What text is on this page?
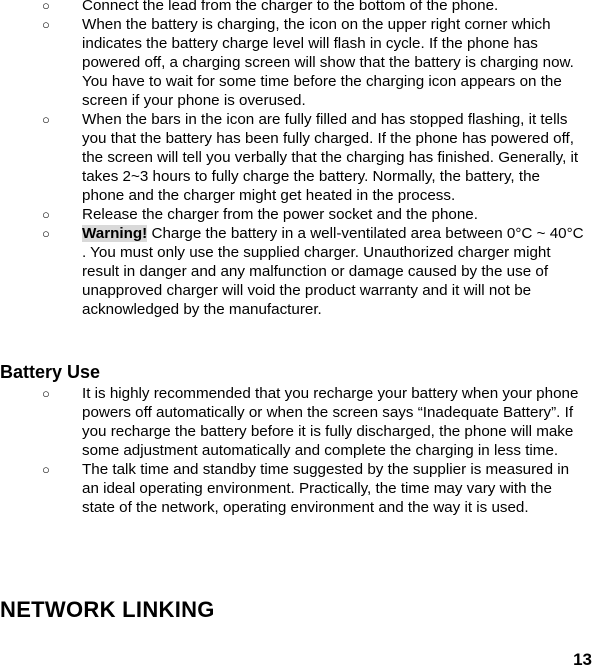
○ Connect the lead from the charger to the bottom of the phone.
○ When the battery is charging, the icon on the upper right corner which indicates the battery charge level will flash in cycle. If the phone has powered off, a charging screen will show that the battery is charging now. You have to wait for some time before the charging icon appears on the screen if your phone is overused.
○ When the bars in the icon are fully filled and has stopped flashing, it tells you that the battery has been fully charged. If the phone has powered off, the screen will tell you verbally that the charging has finished. Generally, it takes 2~3 hours to fully charge the battery. Normally, the battery, the phone and the charger might get heated in the process.
○ Release the charger from the power socket and the phone.
○ Warning! Charge the battery in a well-ventilated area between 0°C ~ 40°C . You must only use the supplied charger. Unauthorized charger might result in danger and any malfunction or damage caused by the use of unapproved charger will void the product warranty and it will not be acknowledged by the manufacturer.
Battery Use
○ It is highly recommended that you recharge your battery when your phone powers off automatically or when the screen says “Inadequate Battery”. If you recharge the battery before it is fully discharged, the phone will make some adjustment automatically and complete the charging in less time.
○ The talk time and standby time suggested by the supplier is measured in an ideal operating environment. Practically, the time may vary with the state of the network, operating environment and the way it is used.
NETWORK LINKING
13
